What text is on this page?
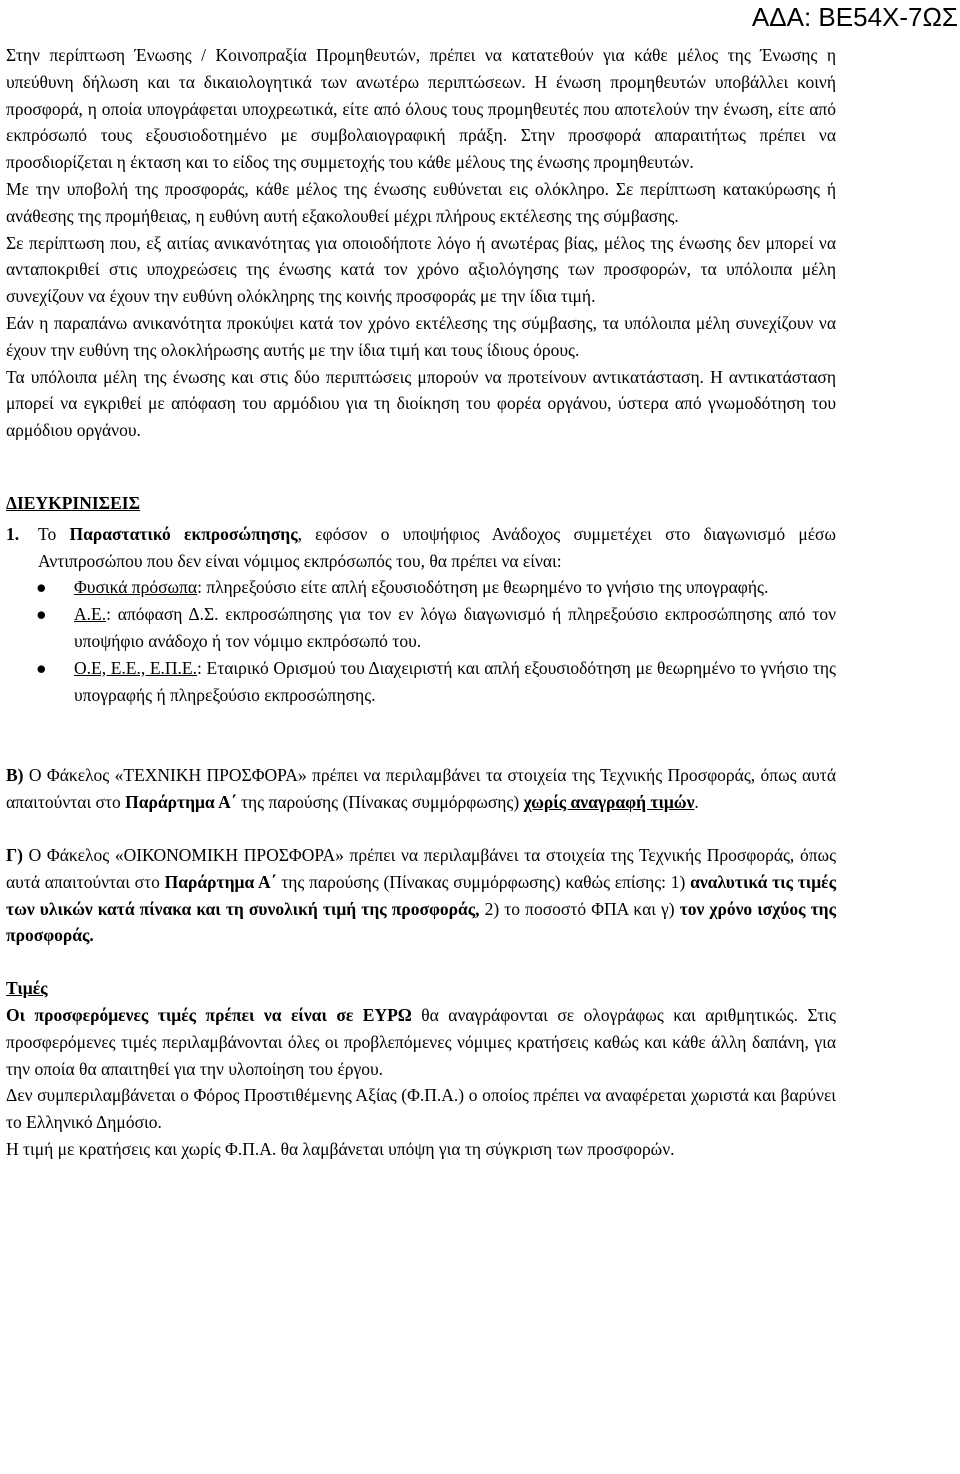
ΑΔΑ: ΒΕ54Χ-7ΩΣ

Στην περίπτωση Ένωσης / Κοινοπραξία Προμηθευτών, πρέπει να κατατεθούν για κάθε μέλος της Ένωσης η υπεύθυνη δήλωση και τα δικαιολογητικά των ανωτέρω περιπτώσεων. Η ένωση προμηθευτών υποβάλλει κοινή προσφορά, η οποία υπογράφεται υποχρεωτικά, είτε από όλους τους προμηθευτές που αποτελούν την ένωση, είτε από εκπρόσωπό τους εξουσιοδοτημένο με συμβολαιογραφική πράξη. Στην προσφορά απαραιτήτως πρέπει να προσδιορίζεται η έκταση και το είδος της συμμετοχής του κάθε μέλους της ένωσης προμηθευτών.

Με την υποβολή της προσφοράς, κάθε μέλος της ένωσης ευθύνεται εις ολόκληρο. Σε περίπτωση κατακύρωσης ή ανάθεσης της προμήθειας, η ευθύνη αυτή εξακολουθεί μέχρι πλήρους εκτέλεσης της σύμβασης.

Σε περίπτωση που, εξ αιτίας ανικανότητας για οποιοδήποτε λόγο ή ανωτέρας βίας, μέλος της ένωσης δεν μπορεί να ανταποκριθεί στις υποχρεώσεις της ένωσης κατά τον χρόνο αξιολόγησης των προσφορών, τα υπόλοιπα μέλη συνεχίζουν να έχουν την ευθύνη ολόκληρης της κοινής προσφοράς με την ίδια τιμή.

Εάν η παραπάνω ανικανότητα προκύψει κατά τον χρόνο εκτέλεσης της σύμβασης, τα υπόλοιπα μέλη συνεχίζουν να έχουν την ευθύνη της ολοκλήρωσης αυτής με την ίδια τιμή και τους ίδιους όρους.

Τα υπόλοιπα μέλη της ένωσης και στις δύο περιπτώσεις μπορούν να προτείνουν αντικατάσταση. Η αντικατάσταση μπορεί να εγκριθεί με απόφαση του αρμόδιου για τη διοίκηση του φορέα οργάνου, ύστερα από γνωμοδότηση του αρμόδιου οργάνου.

ΔΙΕΥΚΡΙΝΙΣΕΙΣ

1.	Το Παραστατικό εκπροσώπησης, εφόσον ο υποψήφιος Ανάδοχος συμμετέχει στο διαγωνισμό μέσω Αντιπροσώπου που δεν είναι νόμιμος εκπρόσωπός του, θα πρέπει να είναι:
● Φυσικά πρόσωπα: πληρεξούσιο είτε απλή εξουσιοδότηση με θεωρημένο το γνήσιο της υπογραφής.
● Α.Ε.: απόφαση Δ.Σ. εκπροσώπησης για τον εν λόγω διαγωνισμό ή πληρεξούσιο εκπροσώπησης από τον υποψήφιο ανάδοχο ή τον νόμιμο εκπρόσωπό του.
● Ο.Ε, Ε.Ε., Ε.Π.Ε.: Εταιρικό Ορισμού του Διαχειριστή και απλή εξουσιοδότηση με θεωρημένο το γνήσιο της υπογραφής ή πληρεξούσιο εκπροσώπησης.

Β) Ο Φάκελος «ΤΕΧΝΙΚΗ ΠΡΟΣΦΟΡΑ» πρέπει να περιλαμβάνει τα στοιχεία της Τεχνικής Προσφοράς, όπως αυτά απαιτούνται στο Παράρτημα Α΄ της παρούσης (Πίνακας συμμόρφωσης) χωρίς αναγραφή τιμών.

Γ) Ο Φάκελος «ΟΙΚΟΝΟΜΙΚΗ ΠΡΟΣΦΟΡΑ» πρέπει να περιλαμβάνει τα στοιχεία της Τεχνικής Προσφοράς, όπως αυτά απαιτούνται στο Παράρτημα Α΄ της παρούσης (Πίνακας συμμόρφωσης) καθώς επίσης: 1) αναλυτικά τις τιμές των υλικών κατά πίνακα και τη συνολική τιμή της προσφοράς, 2) το ποσοστό ΦΠΑ και γ) τον χρόνο ισχύος της προσφοράς.

Τιμές

Οι προσφερόμενες τιμές πρέπει να είναι σε ΕΥΡΩ θα αναγράφονται σε ολογράφως και αριθμητικώς. Στις προσφερόμενες τιμές περιλαμβάνονται όλες οι προβλεπόμενες νόμιμες κρατήσεις καθώς και κάθε άλλη δαπάνη, για την οποία θα απαιτηθεί για την υλοποίηση του έργου.

Δεν συμπεριλαμβάνεται ο Φόρος Προστιθέμενης Αξίας (Φ.Π.Α.) ο οποίος πρέπει να αναφέρεται χωριστά και βαρύνει το Ελληνικό Δημόσιο.

Η τιμή με κρατήσεις και χωρίς Φ.Π.Α. θα λαμβάνεται υπόψη για τη σύγκριση των προσφορών.
